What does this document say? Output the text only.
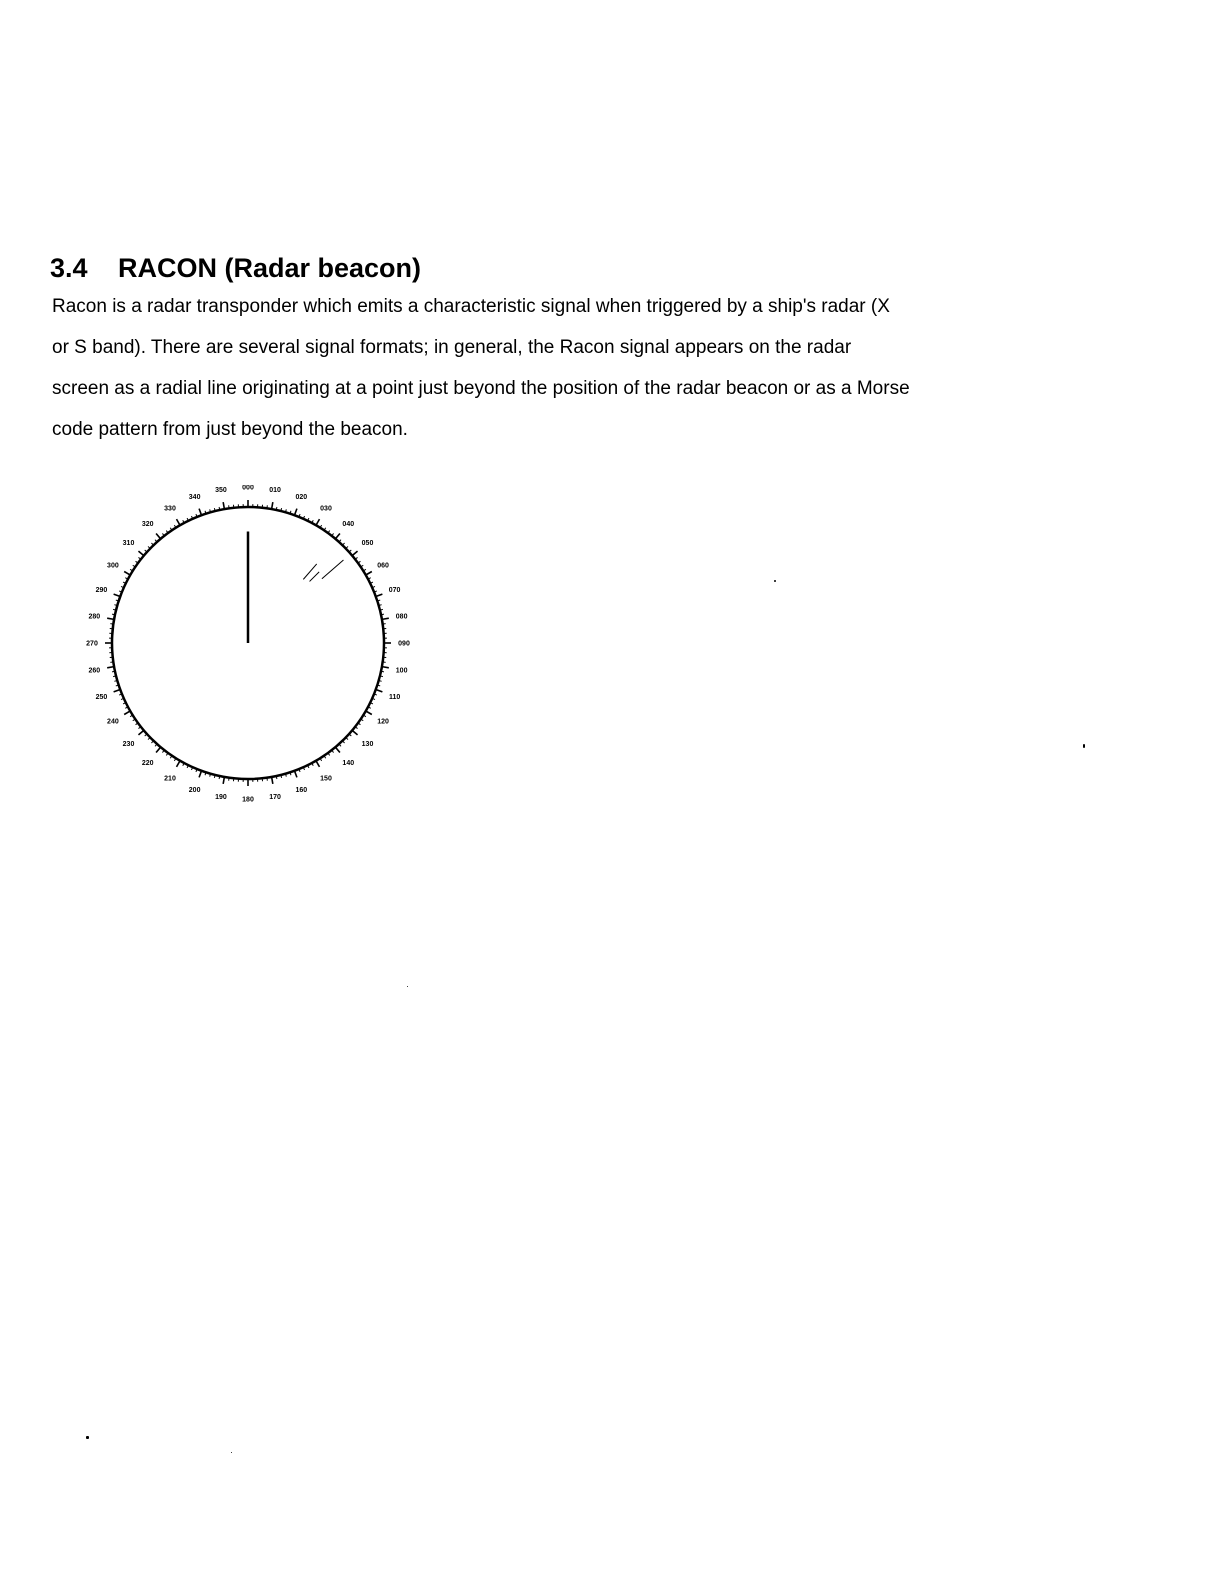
3.4 RACON (Radar beacon)

Racon is a radar transponder which emits a characteristic signal when triggered by a ship's radar (X
or S band). There are several signal formats; in general, the Racon signal appears on the radar
screen as a radial line originating at a point just beyond the position of the radar beacon or as a Morse
code pattern from just beyond the beacon.

000 010
020
030
040
050
060
070
080
090
100
110
120
130
140
150
160
170
180
190
200
210
220
230
240
250
260
270
280
290
300
310
320
330
340
350
